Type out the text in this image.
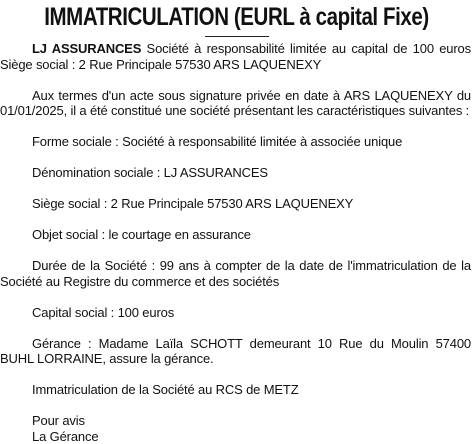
IMMATRICULATION (EURL à capital Fixe)

LJ ASSURANCES Société à responsabilité limitée au capital de 100 euros Siège social : 2 Rue Principale 57530 ARS LAQUENEXY

Aux termes d'un acte sous signature privée en date à ARS LAQUENEXY du 01/01/2025, il a été constitué une société présentant les caractéristiques suivantes :

Forme sociale : Société à responsabilité limitée à associée unique

Dénomination sociale : LJ ASSURANCES

Siège social : 2 Rue Principale 57530 ARS LAQUENEXY

Objet social : le courtage en assurance

Durée de la Société : 99 ans à compter de la date de l'immatriculation de la Société au Registre du commerce et des sociétés

Capital social : 100 euros

Gérance : Madame Laïla SCHOTT demeurant 10 Rue du Moulin 57400 BUHL LORRAINE, assure la gérance.

Immatriculation de la Société au RCS de METZ

Pour avis
La Gérance
